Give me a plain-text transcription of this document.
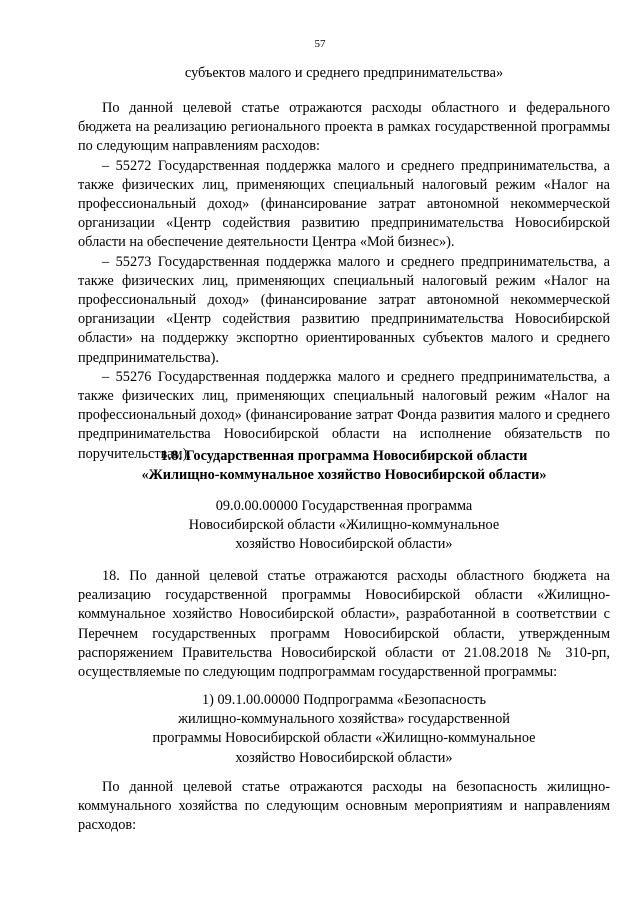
57
субъектов малого и среднего предпринимательства»

По данной целевой статье отражаются расходы областного и федерального бюджета на реализацию регионального проекта в рамках государственной программы по следующим направлениям расходов:

– 55272 Государственная поддержка малого и среднего предпринимательства, а также физических лиц, применяющих специальный налоговый режим «Налог на профессиональный доход» (финансирование затрат автономной некоммерческой организации «Центр содействия развитию предпринимательства Новосибирской области на обеспечение деятельности Центра «Мой бизнес»).

– 55273 Государственная поддержка малого и среднего предпринимательства, а также физических лиц, применяющих специальный налоговый режим «Налог на профессиональный доход» (финансирование затрат автономной некоммерческой организации «Центр содействия развитию предпринимательства Новосибирской области» на поддержку экспортно ориентированных субъектов малого и среднего предпринимательства).

– 55276 Государственная поддержка малого и среднего предпринимательства, а также физических лиц, применяющих специальный налоговый режим «Налог на профессиональный доход» (финансирование затрат Фонда развития малого и среднего предпринимательства Новосибирской области на исполнение обязательств по поручительствам).

1.8. Государственная программа Новосибирской области
«Жилищно-коммунальное хозяйство Новосибирской области»
09.0.00.00000 Государственная программа
Новосибирской области «Жилищно-коммунальное
хозяйство Новосибирской области»

18. По данной целевой статье отражаются расходы областного бюджета на реализацию государственной программы Новосибирской области «Жилищно-коммунальное хозяйство Новосибирской области», разработанной в соответствии с Перечнем государственных программ Новосибирской области, утвержденным распоряжением Правительства Новосибирской области от 21.08.2018 № 310-рп, осуществляемые по следующим подпрограммам государственной программы:

1) 09.1.00.00000 Подпрограмма «Безопасность
жилищно-коммунального хозяйства» государственной
программы Новосибирской области «Жилищно-коммунальное
хозяйство Новосибирской области»

По данной целевой статье отражаются расходы на безопасность жилищно-коммунального хозяйства по следующим основным мероприятиям и направлениям расходов:
